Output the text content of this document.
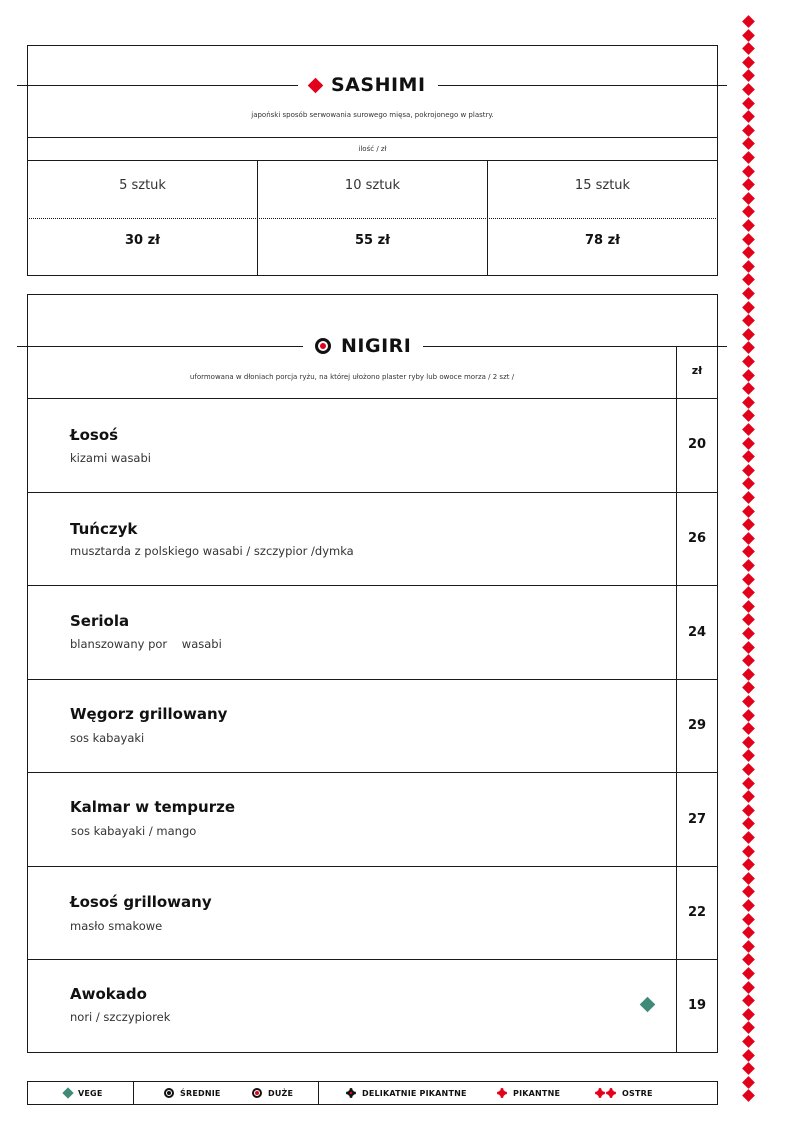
SASHIMI
japoński sposób serwowania surowego mięsa, pokrojonego w plastry.
ilość / zł
5 sztuk	10 sztuk	15 sztuk
30 zł	55 zł	78 zł
NIGIRI
uformowana w dłoniach porcja ryżu, na której ułożono plaster ryby lub owoce morza / 2 szt /	zł
Łosoś
kizami wasabi
20
Tuńczyk
musztarda z polskiego wasabi / szczypior /dymka
26
Seriola
blanszowany por    wasabi
24
Węgorz grillowany
sos kabayaki
29
Kalmar w tempurze
sos kabayaki / mango
27
Łosoś grillowany
masło smakowe
22
Awokado
nori / szczypiorek
19
VEGE	ŚREDNIE	DUŻE	DELIKATNIE PIKANTNE	PIKANTNE	OSTRE
